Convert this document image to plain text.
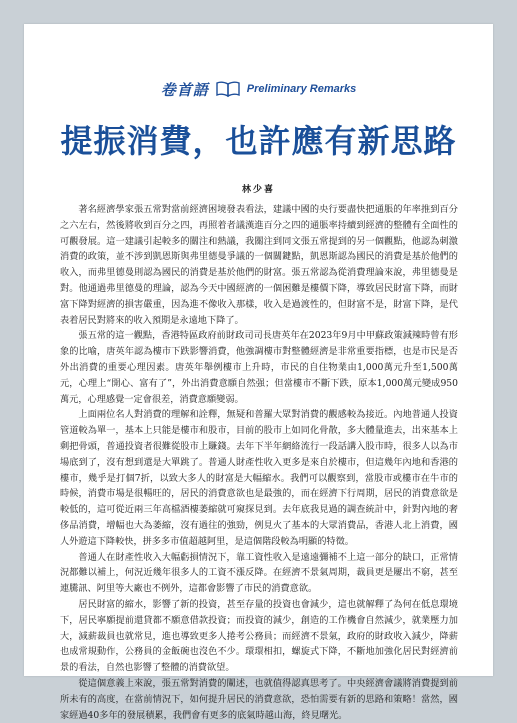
卷首語	Preliminary Remarks
提振消費，也許應有新思路
林少喜

著名經濟學家張五常對當前經濟困境發表看法，建議中國的央行要盡快把通脹的年率推到百分之六左右，然後將收到百分之四，再照着者議漢進百分之四的通脹率持續到經濟的整體有全面性的可觀發展。這一建議引起較多的關注和熱議，我關注到同文張五常提到的另一個觀點，他認為刺激消費的政策，並不涉到凱恩斯與弗里德曼爭議的一個關鍵點，凱恩斯認為國民的消費是基於他們的收入，而弗里德曼則認為國民的消費是基於他們的財富。張五常認為從消費理論來說，弗里德曼是對。他通過弗里德曼的理論，認為今天中國經濟的一個困難是樓價下降，導致居民財富下降，而財富下降對經濟的損害嚴重，因為進不像收入那樣，收入是過渡性的，但財富不是，財富下降，是代表着居民對將來的收入預期是永遠地下降了。

張五常的這一觀點，香港特區政府前財政司司長唐英年在2023年9月中甲蘇政策減辣時曾有形象的比喻，唐英年認為樓市下跌影響消費，他強調樓市對整體經濟是非常重要指標，也是市民是否外出消費的重要心理因素。唐英年舉例樓市上升時，市民的自住物業由1,000萬元升至1,500萬元，心理上“開心、富有了”，外出消費意願自然强；但當樓市不斷下跌，原本1,000萬元變成950萬元，心理感覺一定會很差，消費意願變弱。

上面兩位名人對消費的理解和詮釋，無疑和普羅大眾對消費的觀感較為接近。內地普通人投資管道較為單一，基本上只能是樓市和股市，目前的股市上如同化骨散，多大體量進去，出來基本上剩把骨頭，普通投資者很難從股市上賺錢。去年下半年網絡流行一段話講入股市時，很多人以為市場底到了，沒有想到還是大單跳了。普通人財產性收入更多是來自於樓市，但這幾年內地和香港的樓市，幾乎是打個7折，以致大多人的財富是大幅縮水。我們可以觀察到，當股市或樓市在牛市的時候，消費市場是很暢旺的，居民的消費意欲也是最強的，而在經濟下行周期，居民的消費意欲是較低的，這可從近兩三年高檔酒樓萎縮就可窺探見到。去年底我見過的調查統計中，針對內地的奢侈品消費，增幅也大為萎縮，沒有過往的強勁，例見火了基本的大眾消費品，香港人北上消費，國人外遊這下降較快，拼多多市值超越阿里，是這個階段較為明顯的特徵。

普通人在財產性收入大幅虧損情況下，靠工資性收入是遠遠彌補不上這一部分的缺口，正常情況都難以補上，何況近幾年很多人的工資不漲反降。在經濟不景氣周期，裁員更是屢出不窮，甚至連騰訊、阿里等大廠也不例外，這都會影響了市民的消費意欲。

居民財富的縮水，影響了新的投資，甚至存量的投資也會減少，這也就解釋了為何在低息環境下，居民寧願提前還貸都不願意借款投資；而投資的減少，創造的工作機會自然減少，就業壓力加大，減薪裁員也就常見，進也導致更多人捲考公務員；而經濟不景氣，政府的財政收入減少，降薪也成常規動作，公務員的金飯碗也沒色不少。環環相扣，螺旋式下降，不斷地加強化居民對經濟前景的看法，自然也影響了整體的消費欲望。

從這個意義上來說，張五常對消費的闡述，也就值得認真思考了。中央經濟會議將消費提到前所未有的高度，在當前情況下，如何提升居民的消費意欲，恐怕需要有新的思路和策略！當然，國家經過40多年的發展積累，我們會有更多的底氣時越山海，終見曙光。
